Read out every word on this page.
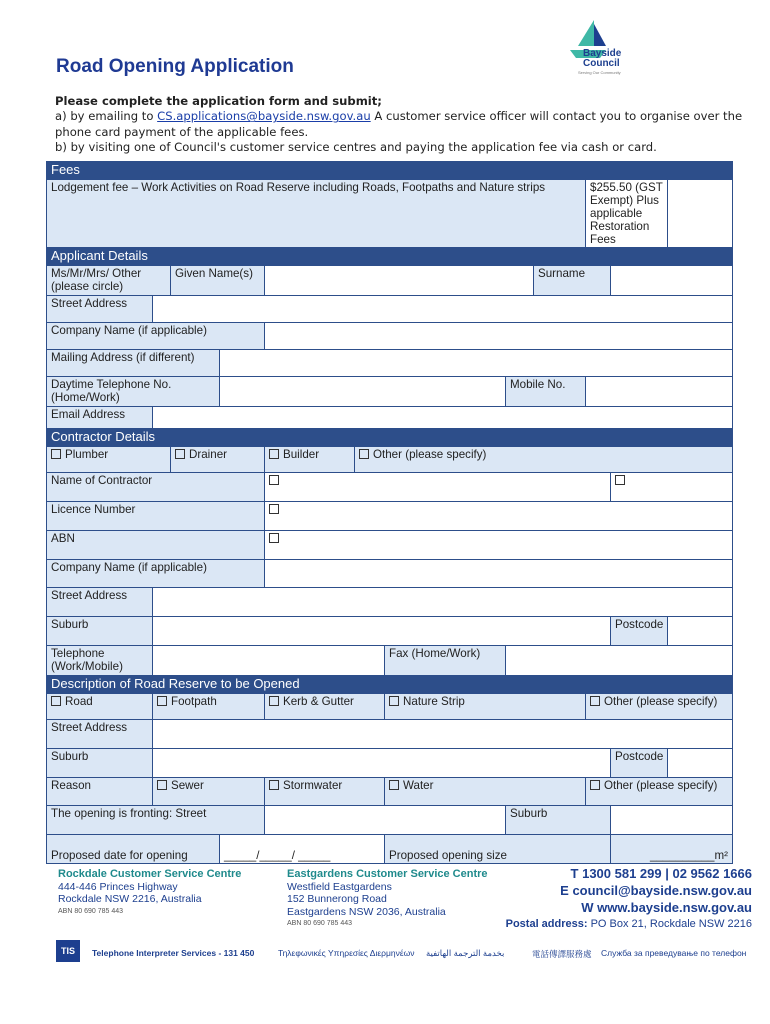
Bayside
Council
Serving Our Community
Road Opening Application
Please complete the application form and submit;
a) by emailing to CS.applications@bayside.nsw.gov.au A customer service officer will contact you to organise over the phone card payment of the applicable fees.
b) by visiting one of Council's customer service centres and paying the application fee via cash or card.
Fees											
Lodgement fee – Work Activities on Road Reserve including Roads, Footpaths and Nature strips									$255.50 (GST Exempt) Plus applicable Restoration Fees		
Applicant Details											
Ms/Mr/Mrs/ Other (please circle)		Given Name(s)						Surname			
Street Address											
Company Name (if applicable)											
Mailing Address (if different)											
Daytime Telephone No. (Home/Work)							Mobile No.				
Email Address											
Contractor Details											
Plumber		Drainer		Builder	Other (please specify)						
Name of Contractor											
Licence Number											
ABN											
Company Name (if applicable)											
Street Address											
Suburb										Postcode	
Telephone (Work/Mobile)						Fax (Home/Work)					
Description of Road Reserve to be Opened											
Road	Footpath			Kerb & Gutter		Nature Strip			Other (please specify)		
Street Address											
Suburb										Postcode	
Reason	Sewer			Stormwater		Water			Other (please specify)		
The opening is fronting: Street							Suburb				
Proposed date for opening			_____/_____/ _____			Proposed opening size				__________m²	
Rockdale Customer Service Centre
444-446 Princes Highway
Rockdale NSW 2216, Australia
ABN 80 690 785 443
Eastgardens Customer Service Centre
Westfield Eastgardens
152 Bunnerong Road
Eastgardens NSW 2036, Australia
ABN 80 690 785 443
T 1300 581 299 | 02 9562 1666
E council@bayside.nsw.gov.au
W www.bayside.nsw.gov.au
Postal address: PO Box 21, Rockdale NSW 2216
TIS	Telephone Interpreter Services - 131 450	Τηλεφωνικές Υπηρεσίες Διερμηνέων بخدمة الترجمة الهاتفية	電話傳譯服務處 Служба за преведување по телефон
